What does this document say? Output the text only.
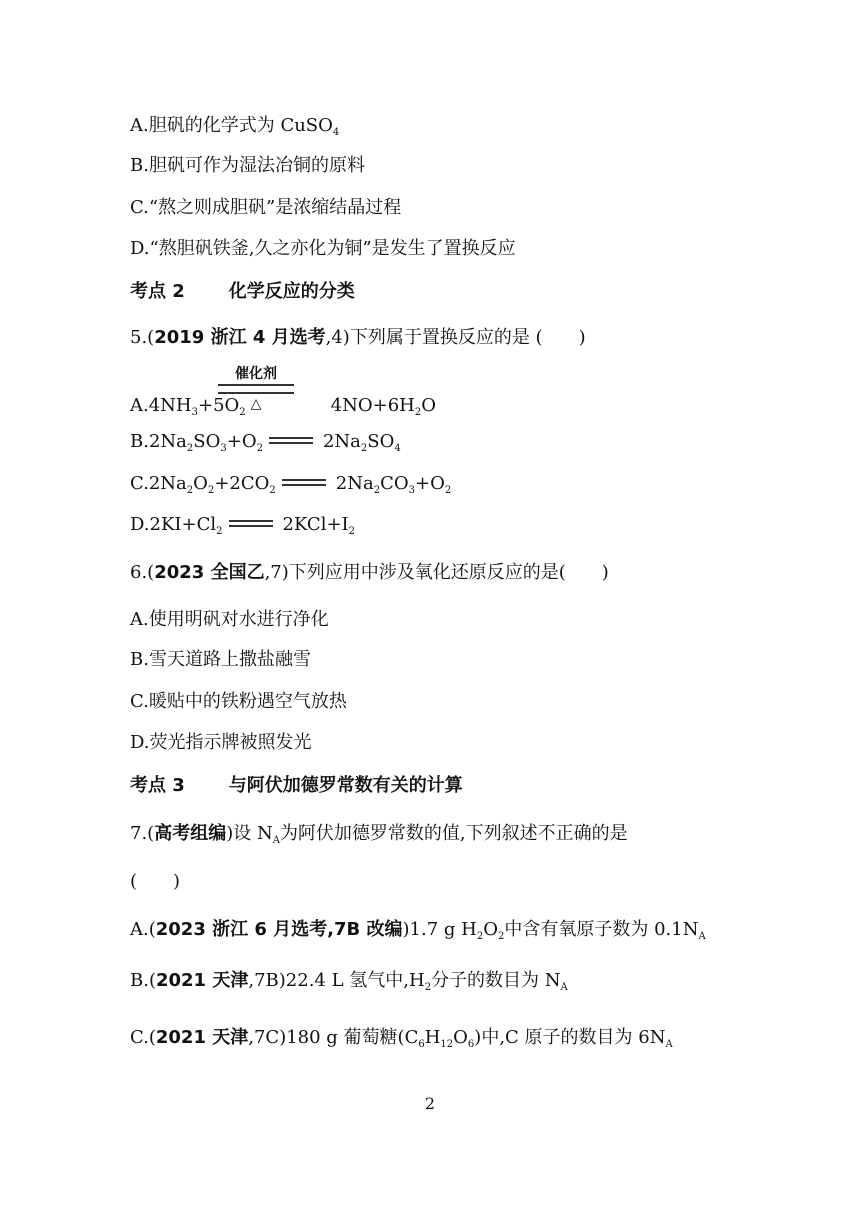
A.胆矾的化学式为 CuSO$_4$
B.胆矾可作为湿法冶铜的原料
C.“熬之则成胆矾”是浓缩结晶过程
D.“熬胆矾铁釜,久之亦化为铜”是发生了置换反应
考点 2 化学反应的分类
5.(2019 浙江 4 月选考,4)下列属于置换反应的是 (　　)
催化剂
△
$A.4NH_3+5O_2$	$4NO+6H_2O$
$B.2Na_2SO_3+O_2$	$2Na_2SO_4$
$C.2Na_2O_2+2CO_2$	$2Na_2CO_3+O_2$
$D.2KI+Cl_2$	$2KCl+I_2$
6.(2023 全国乙,7)下列应用中涉及氧化还原反应的是(　　)
A.使用明矾对水进行净化
B.雪天道路上撒盐融雪
C.暖贴中的铁粉遇空气放热
D.荧光指示牌被照发光
考点 3 与阿伏加德罗常数有关的计算
7.(高考组编)设 $N_A$为阿伏加德罗常数的值,下列叙述不正确的是
(　　)
A.(2023 浙江 6 月选考,7B 改编)1.7 g $H_2O_2$中含有氧原子数为 $0.1N_A$
B.(2021 天津,7B)22.4 L 氢气中$,H_2$分子的数目为 $N_A$
C.(2021 天津,7C)180 g 葡萄糖$(C_6H_{12}O_6)$中,C 原子的数目为 $6N_A$
2
